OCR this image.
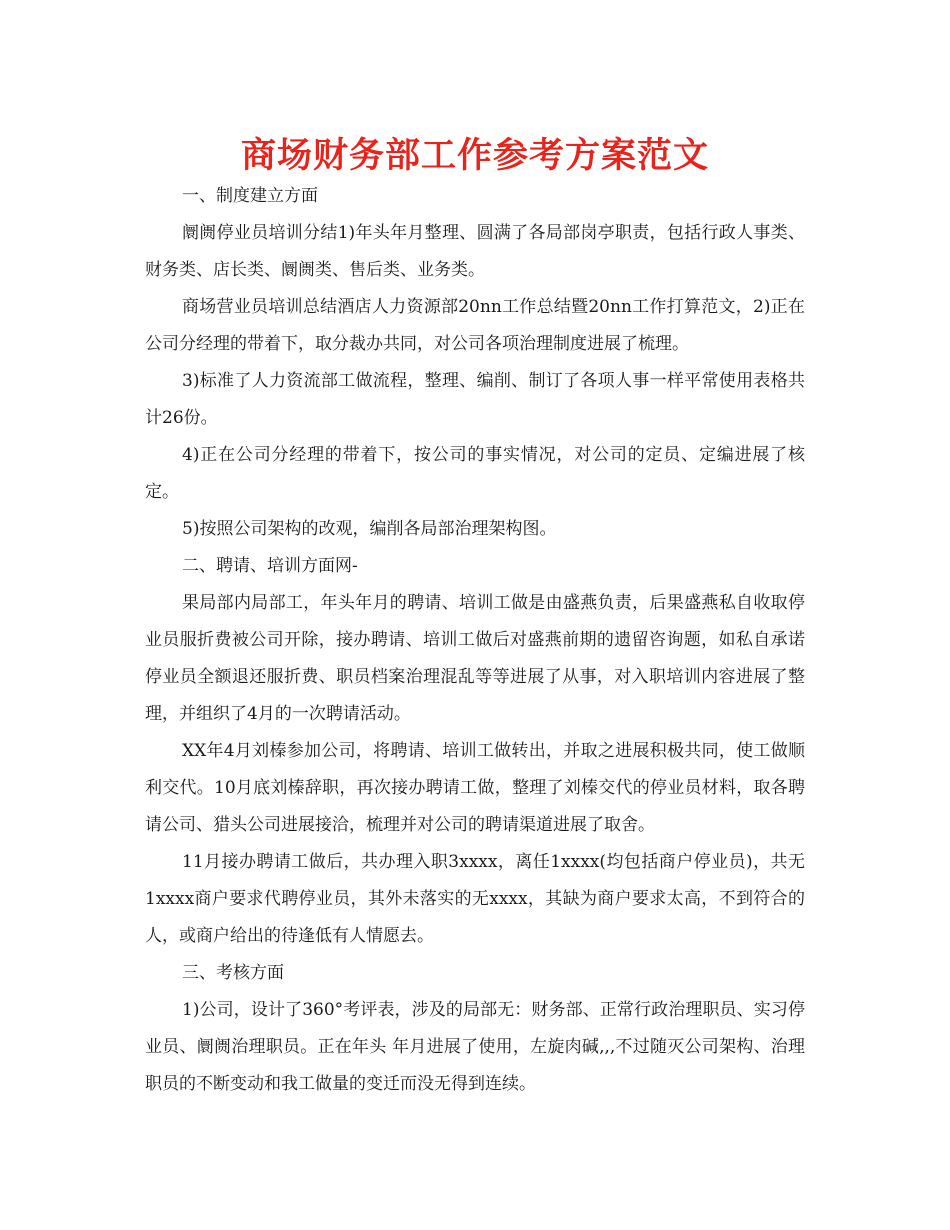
商场财务部工作参考方案范文

一、制度建立方面

阛阓停业员培训分结1)年头年月整理、圆满了各局部岗亭职责，包括行政人事类、财务类、店长类、阛阓类、售后类、业务类。

商场营业员培训总结酒店人力资源部20nn工作总结暨20nn工作打算范文，2)正在公司分经理的带着下，取分裁办共同，对公司各项治理制度进展了梳理。

3)标准了人力资流部工做流程，整理、编削、制订了各项人事一样平常使用表格共计26份。

4)正在公司分经理的带着下，按公司的事实情况，对公司的定员、定编进展了核定。

5)按照公司架构的改观，编削各局部治理架构图。

二、聘请、培训方面网-

果局部内局部工，年头年月的聘请、培训工做是由盛燕负责，后果盛燕私自收取停业员服折费被公司开除，接办聘请、培训工做后对盛燕前期的遗留咨询题，如私自承诺停业员全额退还服折费、职员档案治理混乱等等进展了从事，对入职培训内容进展了整理，并组织了4月的一次聘请活动。

XX年4月刘榛参加公司，将聘请、培训工做转出，并取之进展积极共同，使工做顺利交代。10月底刘榛辞职，再次接办聘请工做，整理了刘榛交代的停业员材料，取各聘请公司、猎头公司进展接洽，梳理并对公司的聘请渠道进展了取舍。

11月接办聘请工做后，共办理入职3xxxx，离任1xxxx(均包括商户停业员)，共无1xxxx商户要求代聘停业员，其外未落实的无xxxx，其缺为商户要求太高，不到符合的人，或商户给出的待逢低有人情愿去。

三、考核方面

1)公司，设计了360°考评表，涉及的局部无：财务部、正常行政治理职员、实习停业员、阛阓治理职员。正在年头 年月进展了使用，左旋肉碱,,,不过随灭公司架构、治理职员的不断变动和我工做量的变迁而没无得到连续。
